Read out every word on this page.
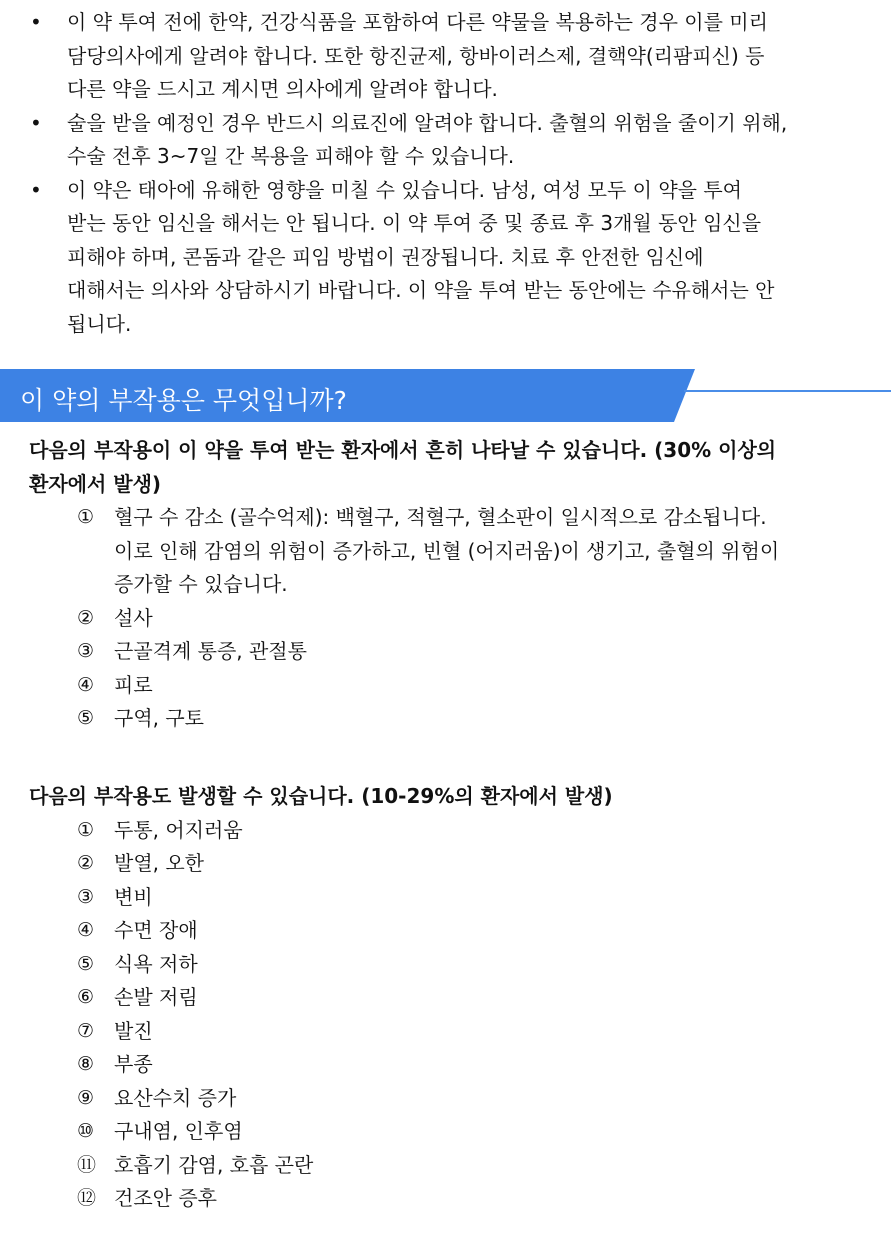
• 이 약 투여 전에 한약, 건강식품을 포함하여 다른 약물을 복용하는 경우 이를 미리
담당의사에게 알려야 합니다. 또한 항진균제, 항바이러스제, 결핵약(리팜피신) 등
다른 약을 드시고 계시면 의사에게 알려야 합니다.
• 술을 받을 예정인 경우 반드시 의료진에 알려야 합니다. 출혈의 위험을 줄이기 위해,
수술 전후 3~7일 간 복용을 피해야 할 수 있습니다.
• 이 약은 태아에 유해한 영향을 미칠 수 있습니다. 남성, 여성 모두 이 약을 투여
받는 동안 임신을 해서는 안 됩니다. 이 약 투여 중 및 종료 후 3개월 동안 임신을
피해야 하며, 콘돔과 같은 피임 방법이 권장됩니다. 치료 후 안전한 임신에
대해서는 의사와 상담하시기 바랍니다. 이 약을 투여 받는 동안에는 수유해서는 안
됩니다.
이 약의 부작용은 무엇입니까?
다음의 부작용이 이 약을 투여 받는 환자에서 흔히 나타날 수 있습니다. (30% 이상의
환자에서 발생)
① 혈구 수 감소 (골수억제): 백혈구, 적혈구, 혈소판이 일시적으로 감소됩니다.
이로 인해 감염의 위험이 증가하고, 빈혈 (어지러움)이 생기고, 출혈의 위험이
증가할 수 있습니다.
② 설사
③ 근골격계 통증, 관절통
④ 피로
⑤ 구역, 구토
다음의 부작용도 발생할 수 있습니다. (10-29%의 환자에서 발생)
① 두통, 어지러움
② 발열, 오한
③ 변비
④ 수면 장애
⑤ 식욕 저하
⑥ 손발 저림
⑦ 발진
⑧ 부종
⑨ 요산수치 증가
⑩ 구내염, 인후염
⑪ 호흡기 감염, 호흡 곤란
⑫ 건조안 증후
